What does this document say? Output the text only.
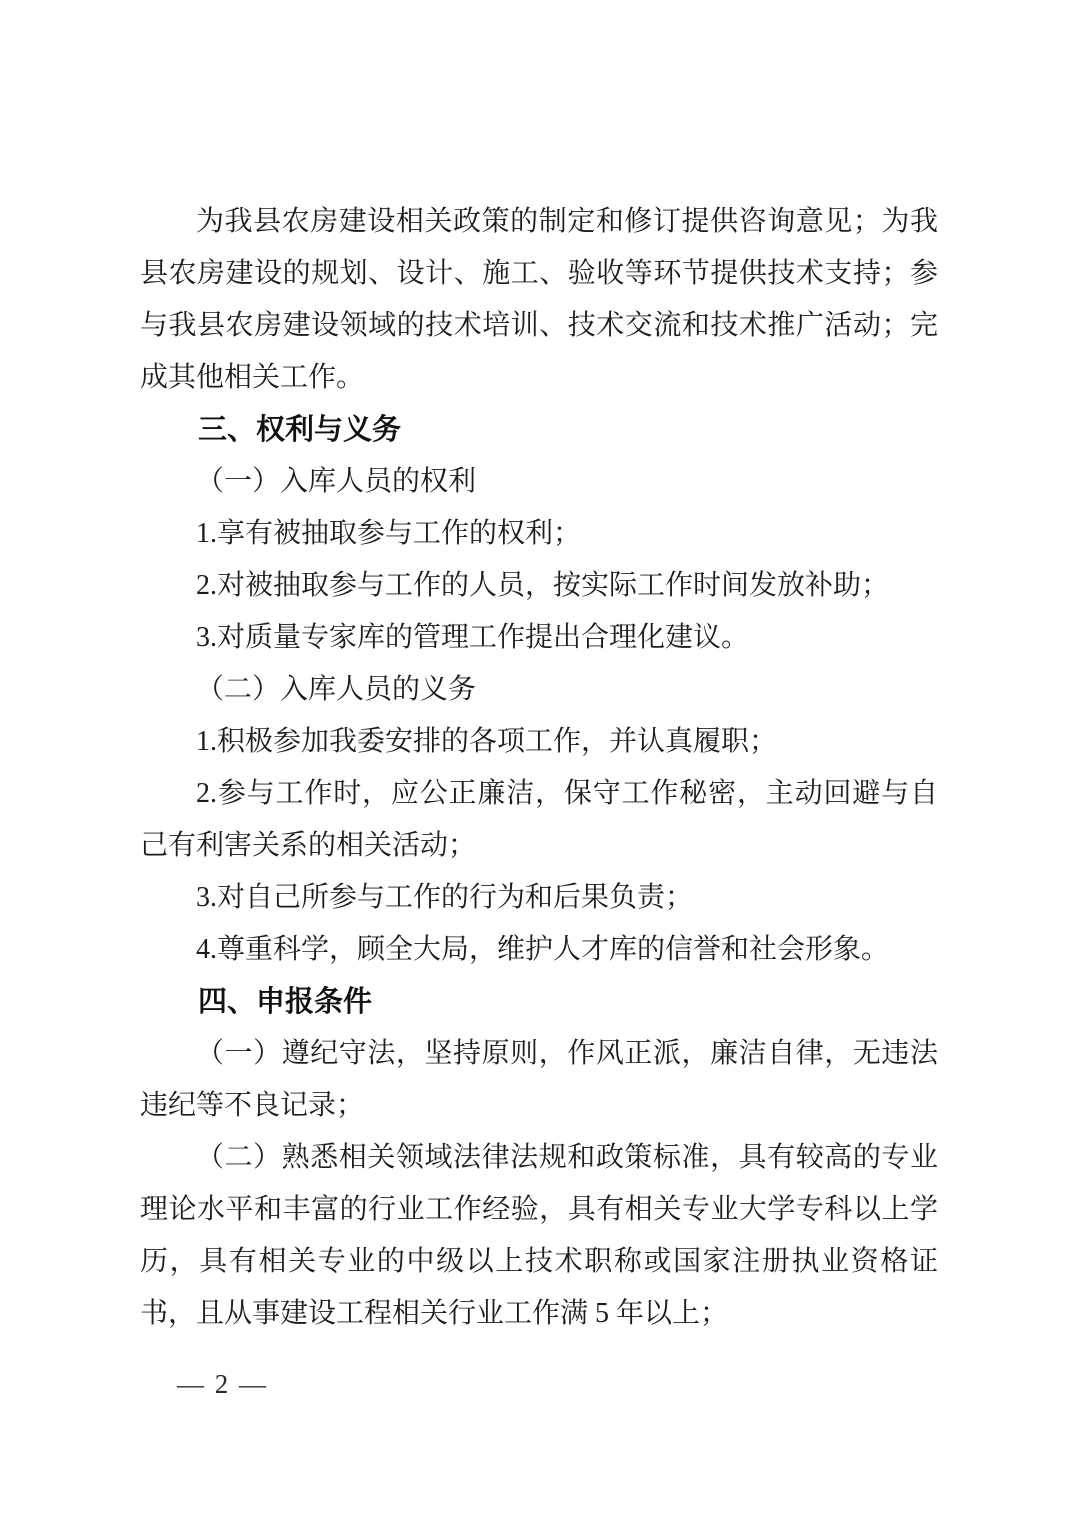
为我县农房建设相关政策的制定和修订提供咨询意见；为我县农房建设的规划、设计、施工、验收等环节提供技术支持；参与我县农房建设领域的技术培训、技术交流和技术推广活动；完成其他相关工作。

三、权利与义务

（一）入库人员的权利

1.享有被抽取参与工作的权利；

2.对被抽取参与工作的人员，按实际工作时间发放补助；

3.对质量专家库的管理工作提出合理化建议。

（二）入库人员的义务

1.积极参加我委安排的各项工作，并认真履职；

2.参与工作时，应公正廉洁，保守工作秘密，主动回避与自己有利害关系的相关活动；

3.对自己所参与工作的行为和后果负责；

4.尊重科学，顾全大局，维护人才库的信誉和社会形象。

四、申报条件

（一）遵纪守法，坚持原则，作风正派，廉洁自律，无违法违纪等不良记录；

（二）熟悉相关领域法律法规和政策标准，具有较高的专业理论水平和丰富的行业工作经验，具有相关专业大学专科以上学历，具有相关专业的中级以上技术职称或国家注册执业资格证书，且从事建设工程相关行业工作满 5 年以上；

— 2 —
